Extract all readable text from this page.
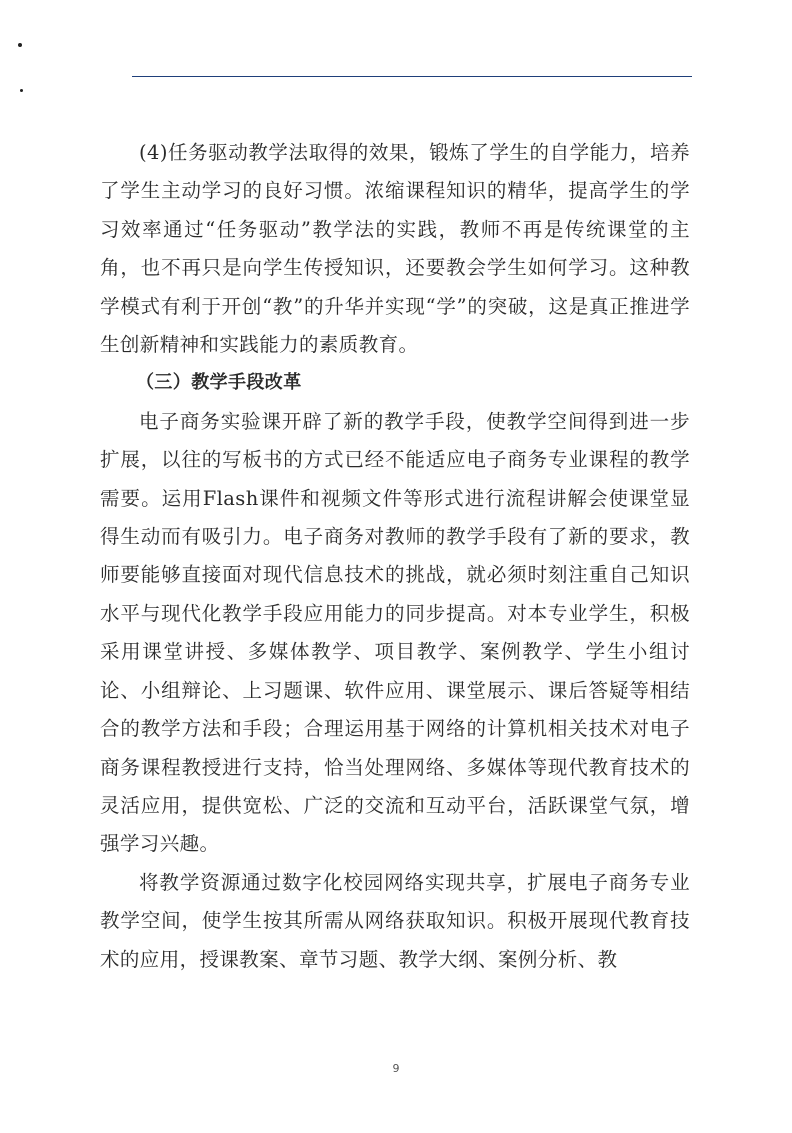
(4)任务驱动教学法取得的效果，锻炼了学生的自学能力，培养了学生主动学习的良好习惯。浓缩课程知识的精华，提高学生的学习效率通过“任务驱动”教学法的实践，教师不再是传统课堂的主角，也不再只是向学生传授知识，还要教会学生如何学习。这种教学模式有利于开创“教”的升华并实现“学”的突破，这是真正推进学生创新精神和实践能力的素质教育。

（三）教学手段改革

电子商务实验课开辟了新的教学手段，使教学空间得到进一步扩展，以往的写板书的方式已经不能适应电子商务专业课程的教学需要。运用Flash课件和视频文件等形式进行流程讲解会使课堂显得生动而有吸引力。电子商务对教师的教学手段有了新的要求，教师要能够直接面对现代信息技术的挑战，就必须时刻注重自己知识水平与现代化教学手段应用能力的同步提高。对本专业学生，积极采用课堂讲授、多媒体教学、项目教学、案例教学、学生小组讨论、小组辩论、上习题课、软件应用、课堂展示、课后答疑等相结合的教学方法和手段；合理运用基于网络的计算机相关技术对电子商务课程教授进行支持，恰当处理网络、多媒体等现代教育技术的灵活应用，提供宽松、广泛的交流和互动平台，活跃课堂气氛，增强学习兴趣。

将教学资源通过数字化校园网络实现共享，扩展电子商务专业教学空间，使学生按其所需从网络获取知识。积极开展现代教育技术的应用，授课教案、章节习题、教学大纲、案例分析、教

9
